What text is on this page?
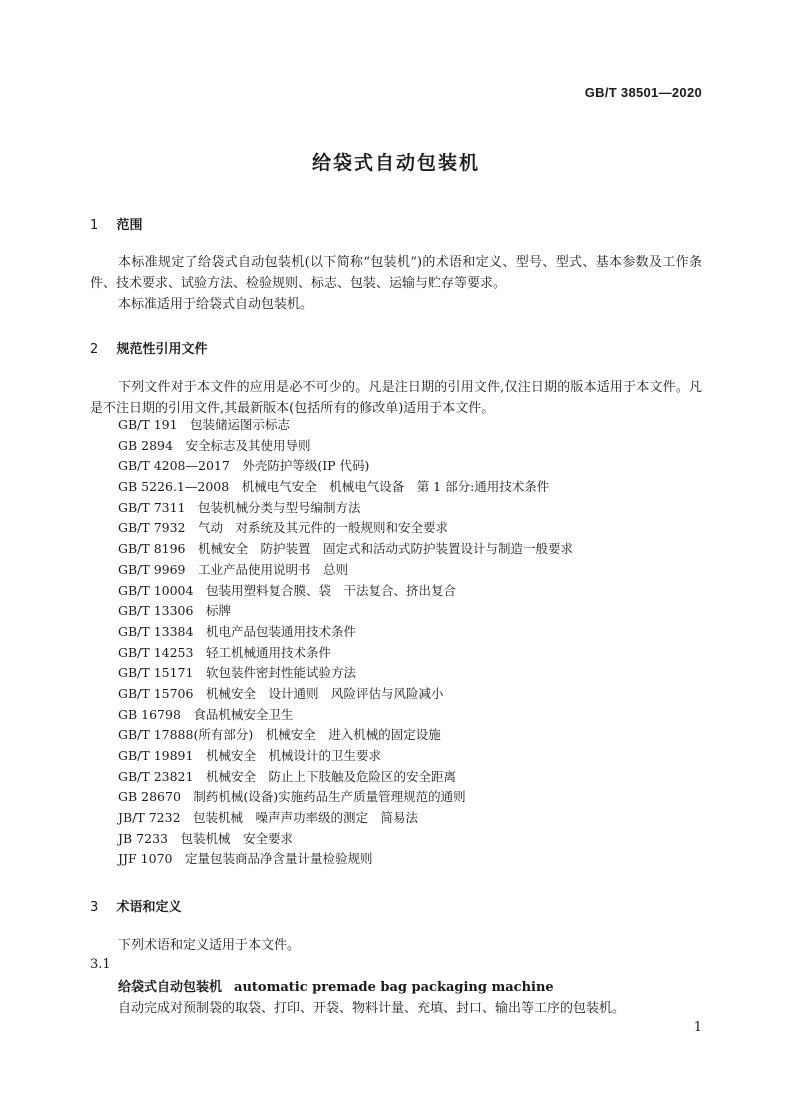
GB/T 38501—2020
给袋式自动包装机
1 范围
本标准规定了给袋式自动包装机(以下简称“包装机”)的术语和定义、型号、型式、基本参数及工作条件、技术要求、试验方法、检验规则、标志、包装、运输与贮存等要求。
本标准适用于给袋式自动包装机。
2 规范性引用文件
下列文件对于本文件的应用是必不可少的。凡是注日期的引用文件,仅注日期的版本适用于本文件。凡是不注日期的引用文件,其最新版本(包括所有的修改单)适用于本文件。
GB/T 191　包装储运图示标志
GB 2894　安全标志及其使用导则
GB/T 4208—2017　外壳防护等级(IP 代码)
GB 5226.1—2008　机械电气安全　机械电气设备　第 1 部分:通用技术条件
GB/T 7311　包装机械分类与型号编制方法
GB/T 7932　气动　对系统及其元件的一般规则和安全要求
GB/T 8196　机械安全　防护装置　固定式和活动式防护装置设计与制造一般要求
GB/T 9969　工业产品使用说明书　总则
GB/T 10004　包装用塑料复合膜、袋　干法复合、挤出复合
GB/T 13306　标牌
GB/T 13384　机电产品包装通用技术条件
GB/T 14253　轻工机械通用技术条件
GB/T 15171　软包装件密封性能试验方法
GB/T 15706　机械安全　设计通则　风险评估与风险减小
GB 16798　食品机械安全卫生
GB/T 17888(所有部分)　机械安全　进入机械的固定设施
GB/T 19891　机械安全　机械设计的卫生要求
GB/T 23821　机械安全　防止上下肢触及危险区的安全距离
GB 28670　制药机械(设备)实施药品生产质量管理规范的通则
JB/T 7232　包装机械　噪声声功率级的测定　简易法
JB 7233　包装机械　安全要求
JJF 1070　定量包装商品净含量计量检验规则
3 术语和定义
下列术语和定义适用于本文件。
3.1
给袋式自动包装机 automatic premade bag packaging machine
自动完成对预制袋的取袋、打印、开袋、物料计量、充填、封口、输出等工序的包装机。
1
